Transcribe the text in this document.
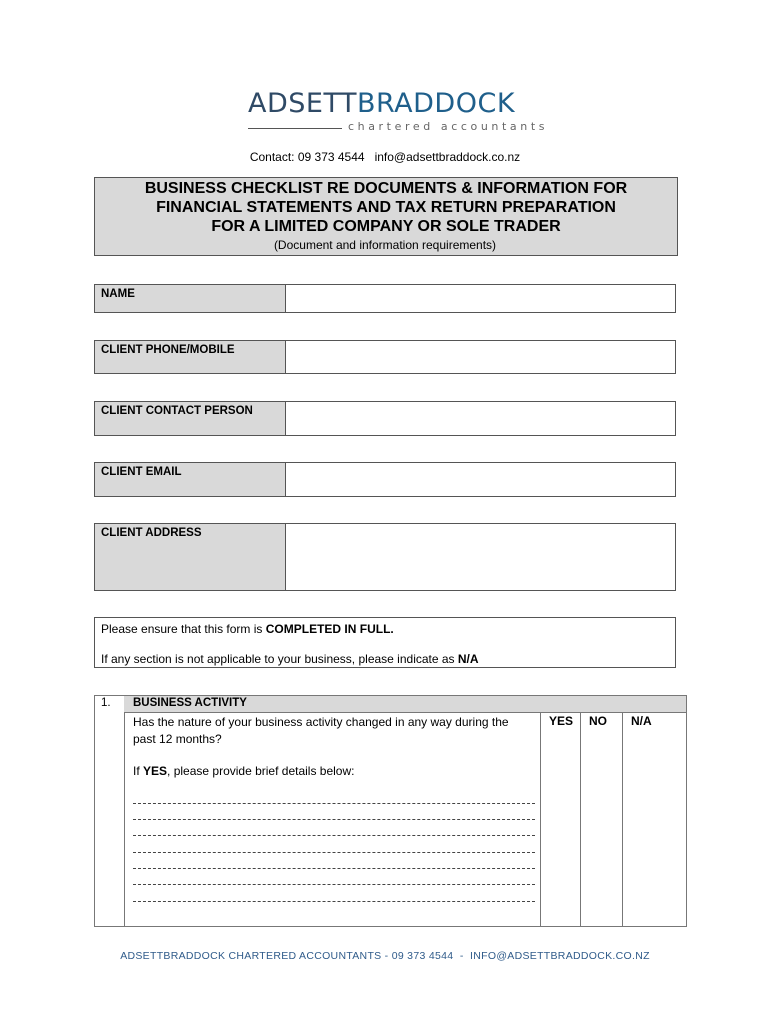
ADSETTBRADDOCK
chartered accountants
Contact: 09 373 4544   info@adsettbraddock.co.nz
BUSINESS CHECKLIST RE DOCUMENTS & INFORMATION FOR
FINANCIAL STATEMENTS AND TAX RETURN PREPARATION
FOR A LIMITED COMPANY OR SOLE TRADER
(Document and information requirements)
NAME
CLIENT PHONE/MOBILE
CLIENT CONTACT PERSON
CLIENT EMAIL
CLIENT ADDRESS
Please ensure that this form is COMPLETED IN FULL.
If any section is not applicable to your business, please indicate as N/A
1.	BUSINESS ACTIVITY
Has the nature of your business activity changed in any way during the past 12 months?
YES NO N/A
If YES, please provide brief details below:
ADSETTBRADDOCK CHARTERED ACCOUNTANTS - 09 373 4544  -  INFO@ADSETTBRADDOCK.CO.NZ
